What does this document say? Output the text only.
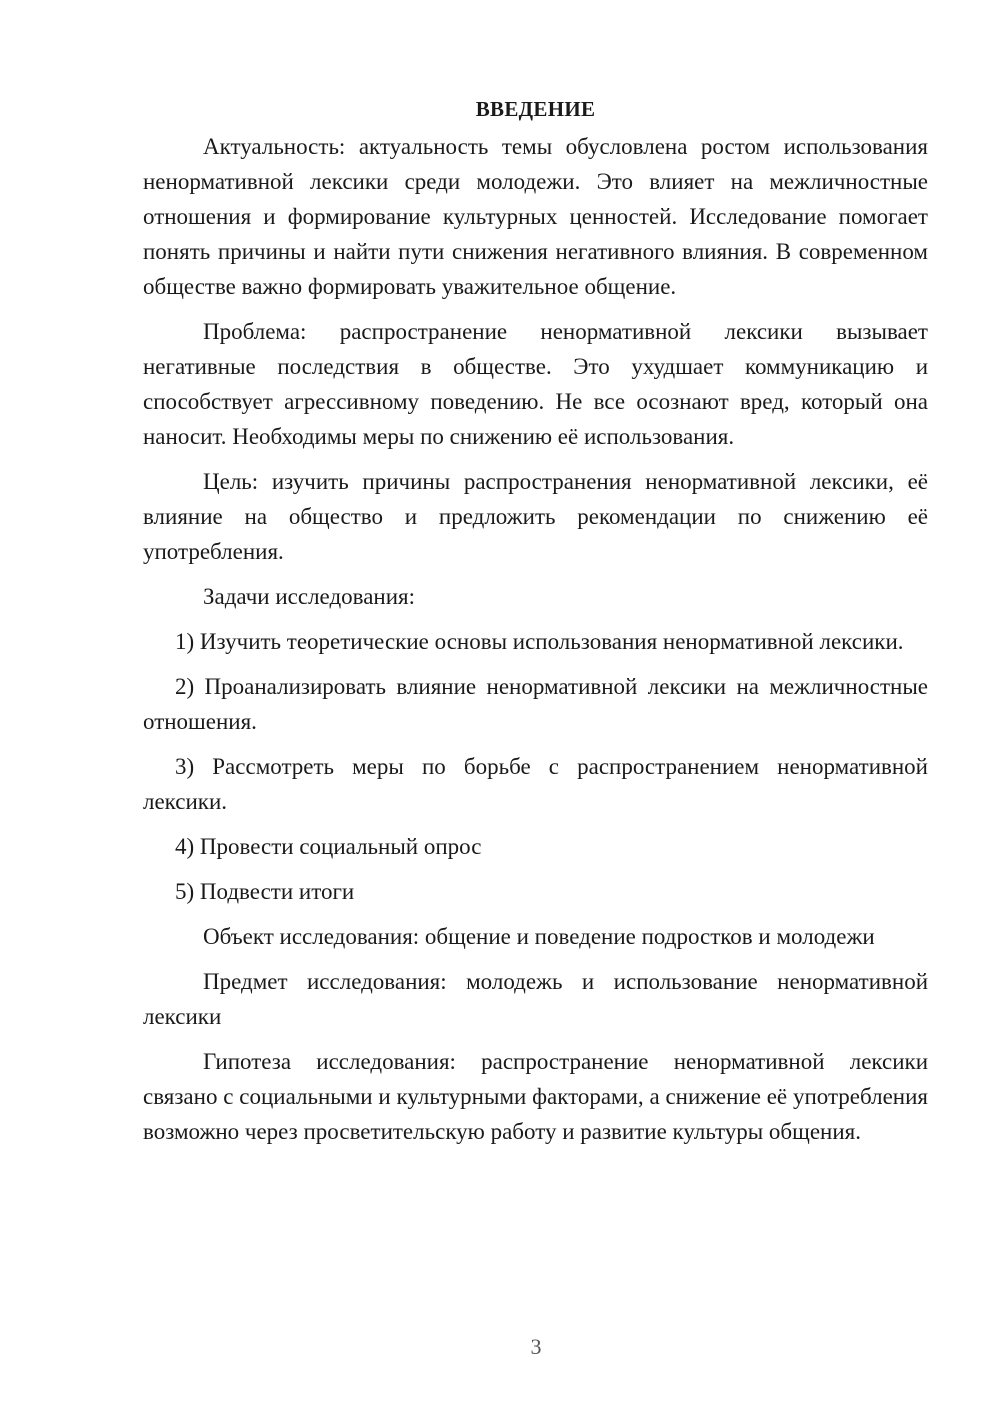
ВВЕДЕНИЕ

Актуальность: актуальность темы обусловлена ростом использования ненормативной лексики среди молодежи. Это влияет на межличностные отношения и формирование культурных ценностей. Исследование помогает понять причины и найти пути снижения негативного влияния. В современном обществе важно формировать уважительное общение.

Проблема: распространение ненормативной лексики вызывает негативные последствия в обществе. Это ухудшает коммуникацию и способствует агрессивному поведению. Не все осознают вред, который она наносит. Необходимы меры по снижению её использования.

Цель: изучить причины распространения ненормативной лексики, её влияние на общество и предложить рекомендации по снижению её употребления.

Задачи исследования:

1) Изучить теоретические основы использования ненормативной лексики.

2) Проанализировать влияние ненормативной лексики на межличностные отношения.

3) Рассмотреть меры по борьбе с распространением ненормативной лексики.

4) Провести социальный опрос

5) Подвести итоги

Объект исследования: общение и поведение подростков и молодежи

Предмет исследования: молодежь и использование ненормативной лексики

Гипотеза исследования: распространение ненормативной лексики связано с социальными и культурными факторами, а снижение её употребления возможно через просветительскую работу и развитие культуры общения.

3
